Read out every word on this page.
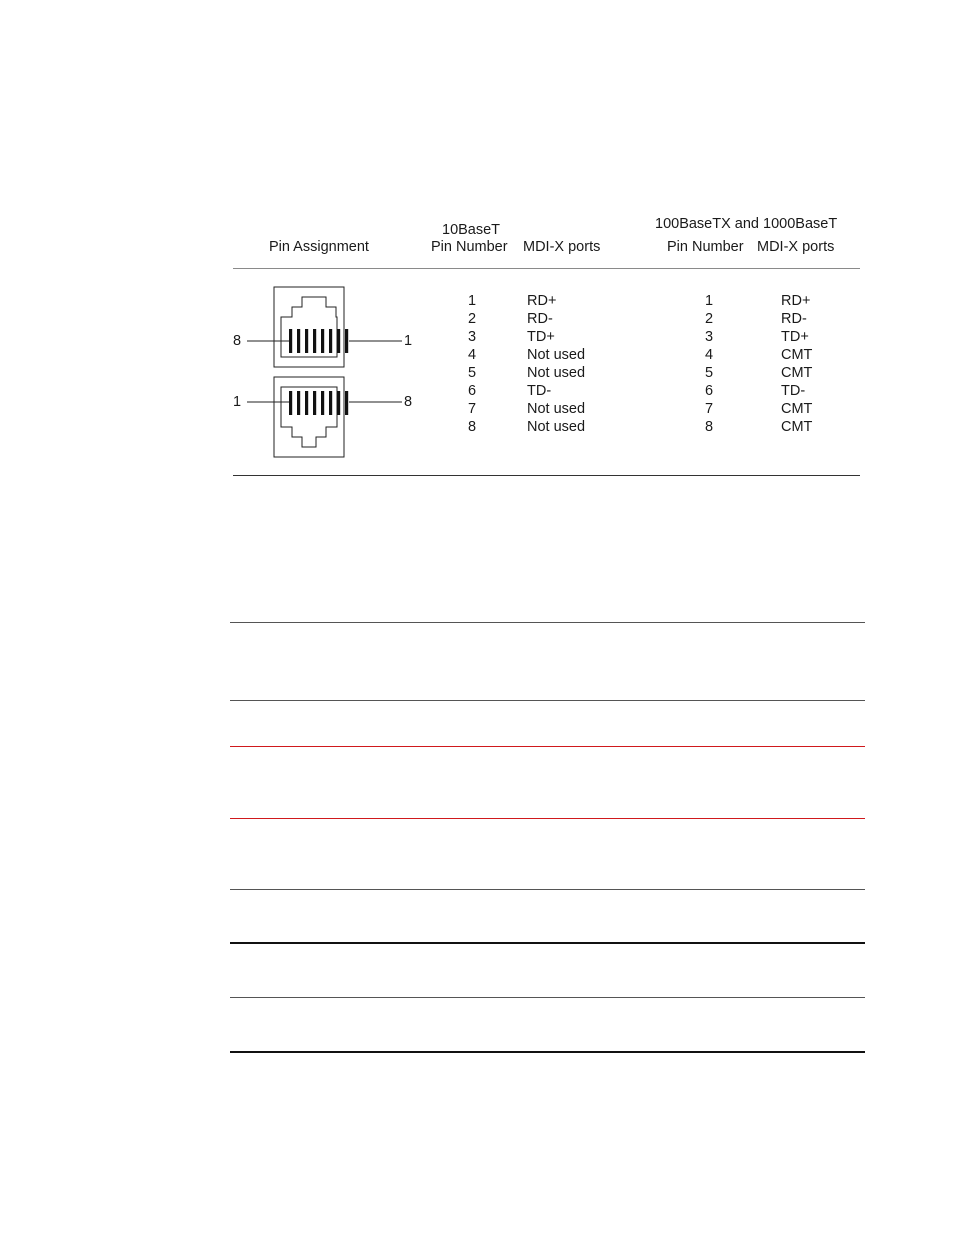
Pin Assignment
10BaseT
Pin Number MDI-X ports
100BaseTX and 1000BaseT
Pin Number MDI-X ports
8	1
1	8
1	RD+	1	RD+
2	RD-	2	RD-
3	TD+	3	TD+
4	Not used	4	CMT
5	Not used	5	CMT
6	TD-	6	TD-
7	Not used	7	CMT
8	Not used	8	CMT
